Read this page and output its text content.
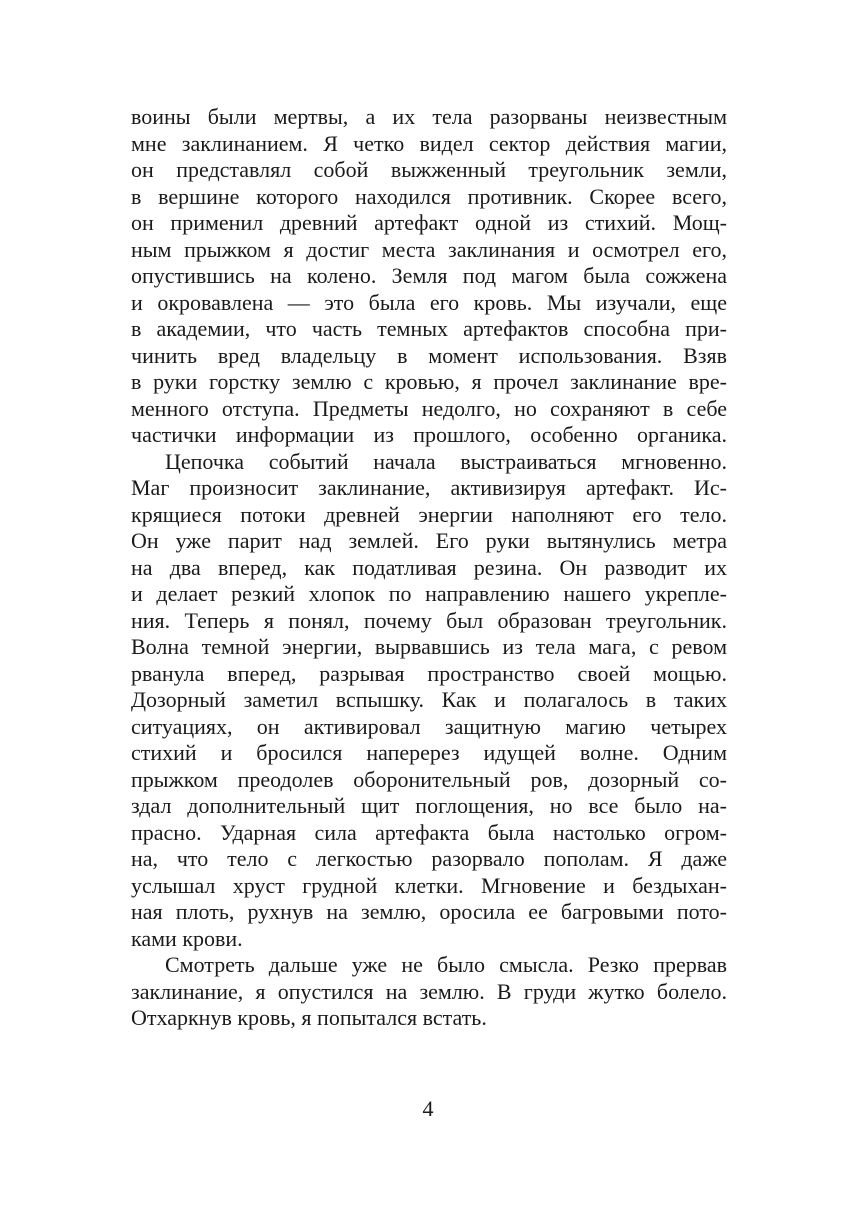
воины были мертвы, а их тела разорваны неизвестным
мне заклинанием. Я четко видел сектор действия магии,
он представлял собой выжженный треугольник земли,
в вершине которого находился противник. Скорее всего,
он применил древний артефакт одной из стихий. Мощ-
ным прыжком я достиг места заклинания и осмотрел его,
опустившись на колено. Земля под магом была сожжена
и окровавлена — это была его кровь. Мы изучали, еще
в академии, что часть темных артефактов способна при-
чинить вред владельцу в момент использования. Взяв
в руки горстку землю с кровью, я прочел заклинание вре-
менного отступа. Предметы недолго, но сохраняют в себе
частички информации из прошлого, особенно органика.
Цепочка событий начала выстраиваться мгновенно.
Маг произносит заклинание, активизируя артефакт. Ис-
крящиеся потоки древней энергии наполняют его тело.
Он уже парит над землей. Его руки вытянулись метра
на два вперед, как податливая резина. Он разводит их
и делает резкий хлопок по направлению нашего укрепле-
ния. Теперь я понял, почему был образован треугольник.
Волна темной энергии, вырвавшись из тела мага, с ревом
рванула вперед, разрывая пространство своей мощью.
Дозорный заметил вспышку. Как и полагалось в таких
ситуациях, он активировал защитную магию четырех
стихий и бросился наперерез идущей волне. Одним
прыжком преодолев оборонительный ров, дозорный со-
здал дополнительный щит поглощения, но все было на-
прасно. Ударная сила артефакта была настолько огром-
на, что тело с легкостью разорвало пополам. Я даже
услышал хруст грудной клетки. Мгновение и бездыхан-
ная плоть, рухнув на землю, оросила ее багровыми пото-
ками крови.
Смотреть дальше уже не было смысла. Резко прервав
заклинание, я опустился на землю. В груди жутко болело.
Отхаркнув кровь, я попытался встать.
4
